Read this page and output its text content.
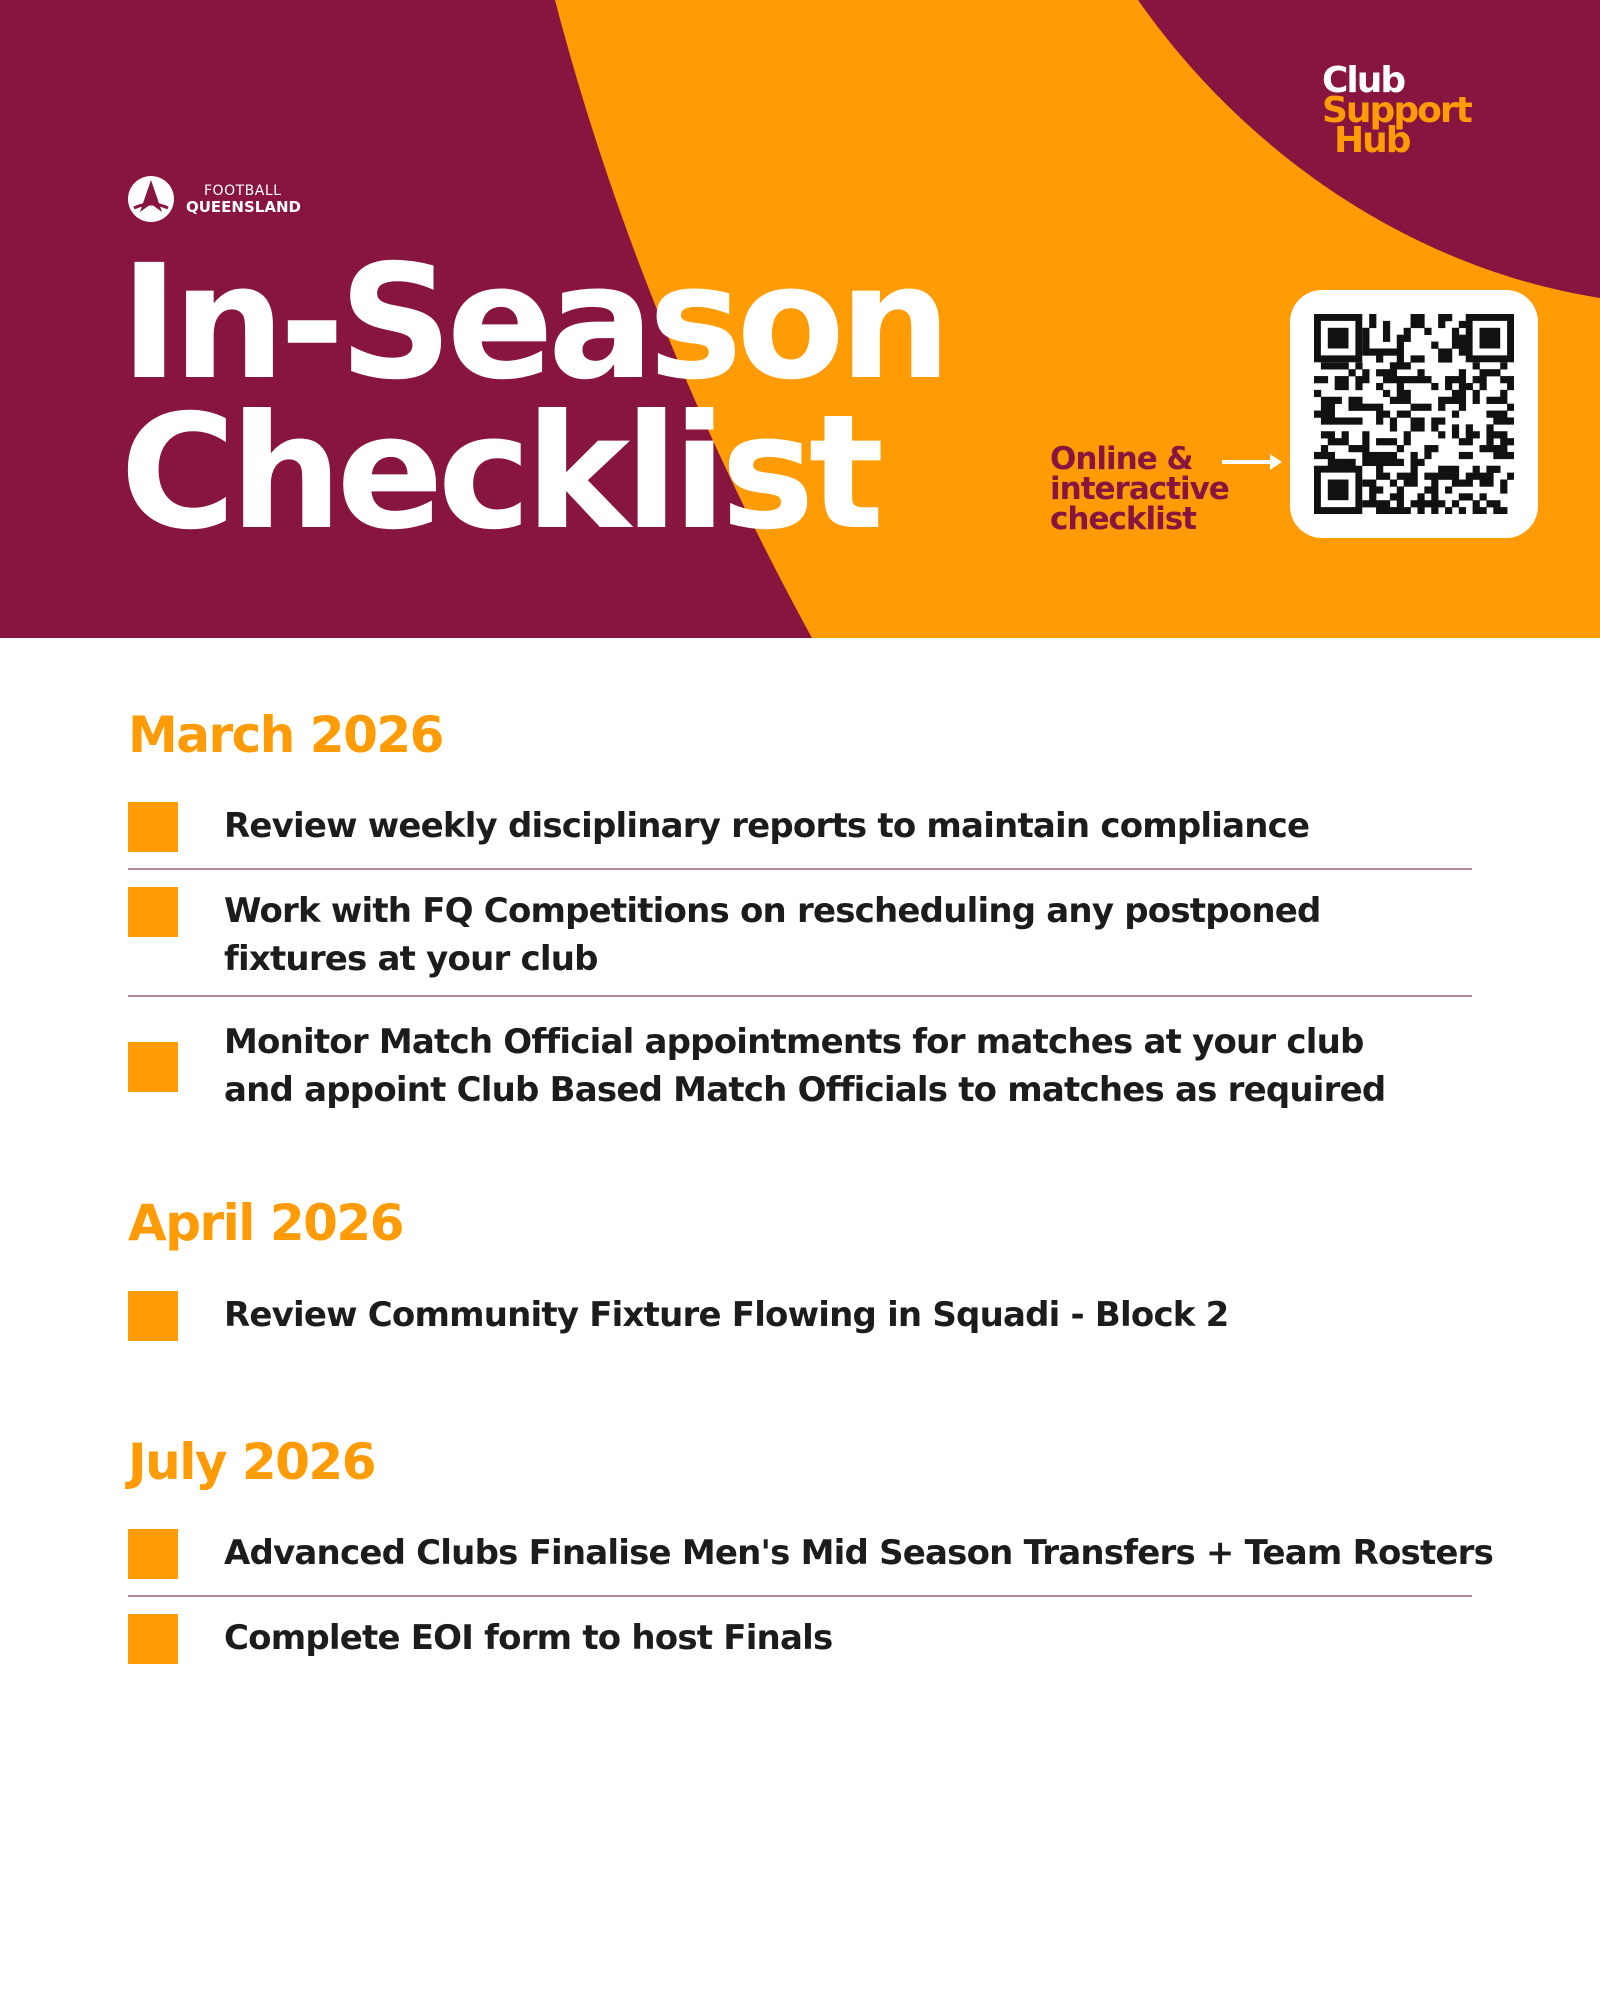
FOOTBALL
QUEENSLAND
Club
Support
Hub
In-Season
Checklist	Online &
interactive
checklist
March 2026
Review weekly disciplinary reports to maintain compliance
Work with FQ Competitions on rescheduling any postponed
fixtures at your club
Monitor Match Official appointments for matches at your club
and appoint Club Based Match Officials to matches as required
April 2026
Review Community Fixture Flowing in Squadi - Block 2
July 2026
Advanced Clubs Finalise Men's Mid Season Transfers + Team Rosters
Complete EOI form to host Finals
